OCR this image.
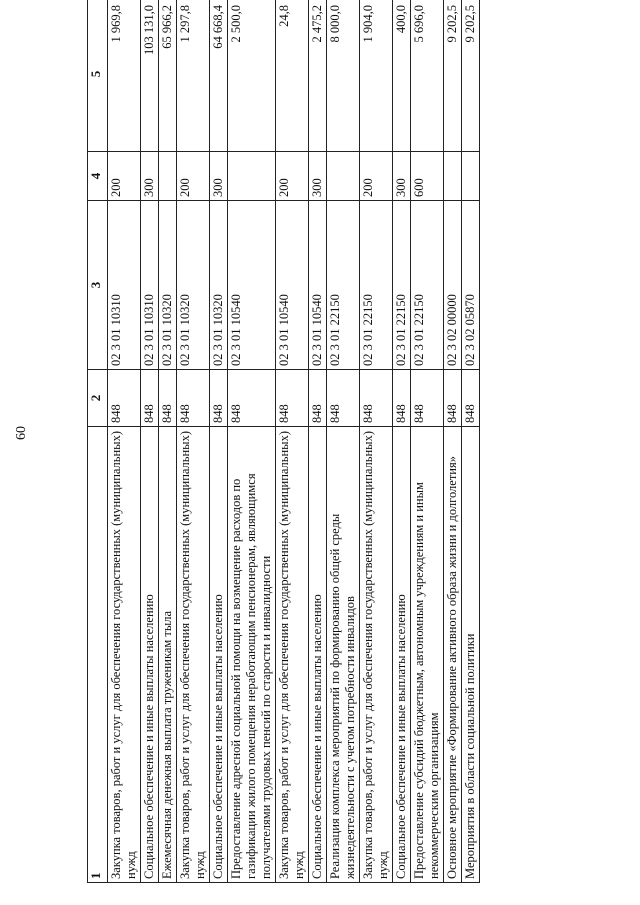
60
1	2	3	4	5
Закупка товаров, работ и услуг для обеспечения государственных (муниципальных) нужд	848	02 3 01 10310	200	1 969,8
Социальное обеспечение и иные выплаты населению	848	02 3 01 10310	300	103 131,0
Ежемесячная денежная выплата труженикам тыла	848	02 3 01 10320		65 966,2
Закупка товаров, работ и услуг для обеспечения государственных (муниципальных) нужд	848	02 3 01 10320	200	1 297,8
Социальное обеспечение и иные выплаты населению	848	02 3 01 10320	300	64 668,4
Предоставление адресной социальной помощи на возмещение расходов по газификации жилого помещения неработающим пенсионерам, являющимся получателями трудовых пенсий по старости и инвалидности	848	02 3 01 10540		2 500,0
Закупка товаров, работ и услуг для обеспечения государственных (муниципальных) нужд	848	02 3 01 10540	200	24,8
Социальное обеспечение и иные выплаты населению	848	02 3 01 10540	300	2 475,2
Реализация комплекса мероприятий по формированию общей среды жизнедеятельности с учетом потребности инвалидов	848	02 3 01 22150		8 000,0
Закупка товаров, работ и услуг для обеспечения государственных (муниципальных) нужд	848	02 3 01 22150	200	1 904,0
Социальное обеспечение и иные выплаты населению	848	02 3 01 22150	300	400,0
Предоставление субсидий бюджетным, автономным учреждениям и иным некоммерческим организациям	848	02 3 01 22150	600	5 696,0
Основное мероприятие «Формирование активного образа жизни и долголетия»	848	02 3 02 00000		9 202,5
Мероприятия в области социальной политики	848	02 3 02 05870		9 202,5
